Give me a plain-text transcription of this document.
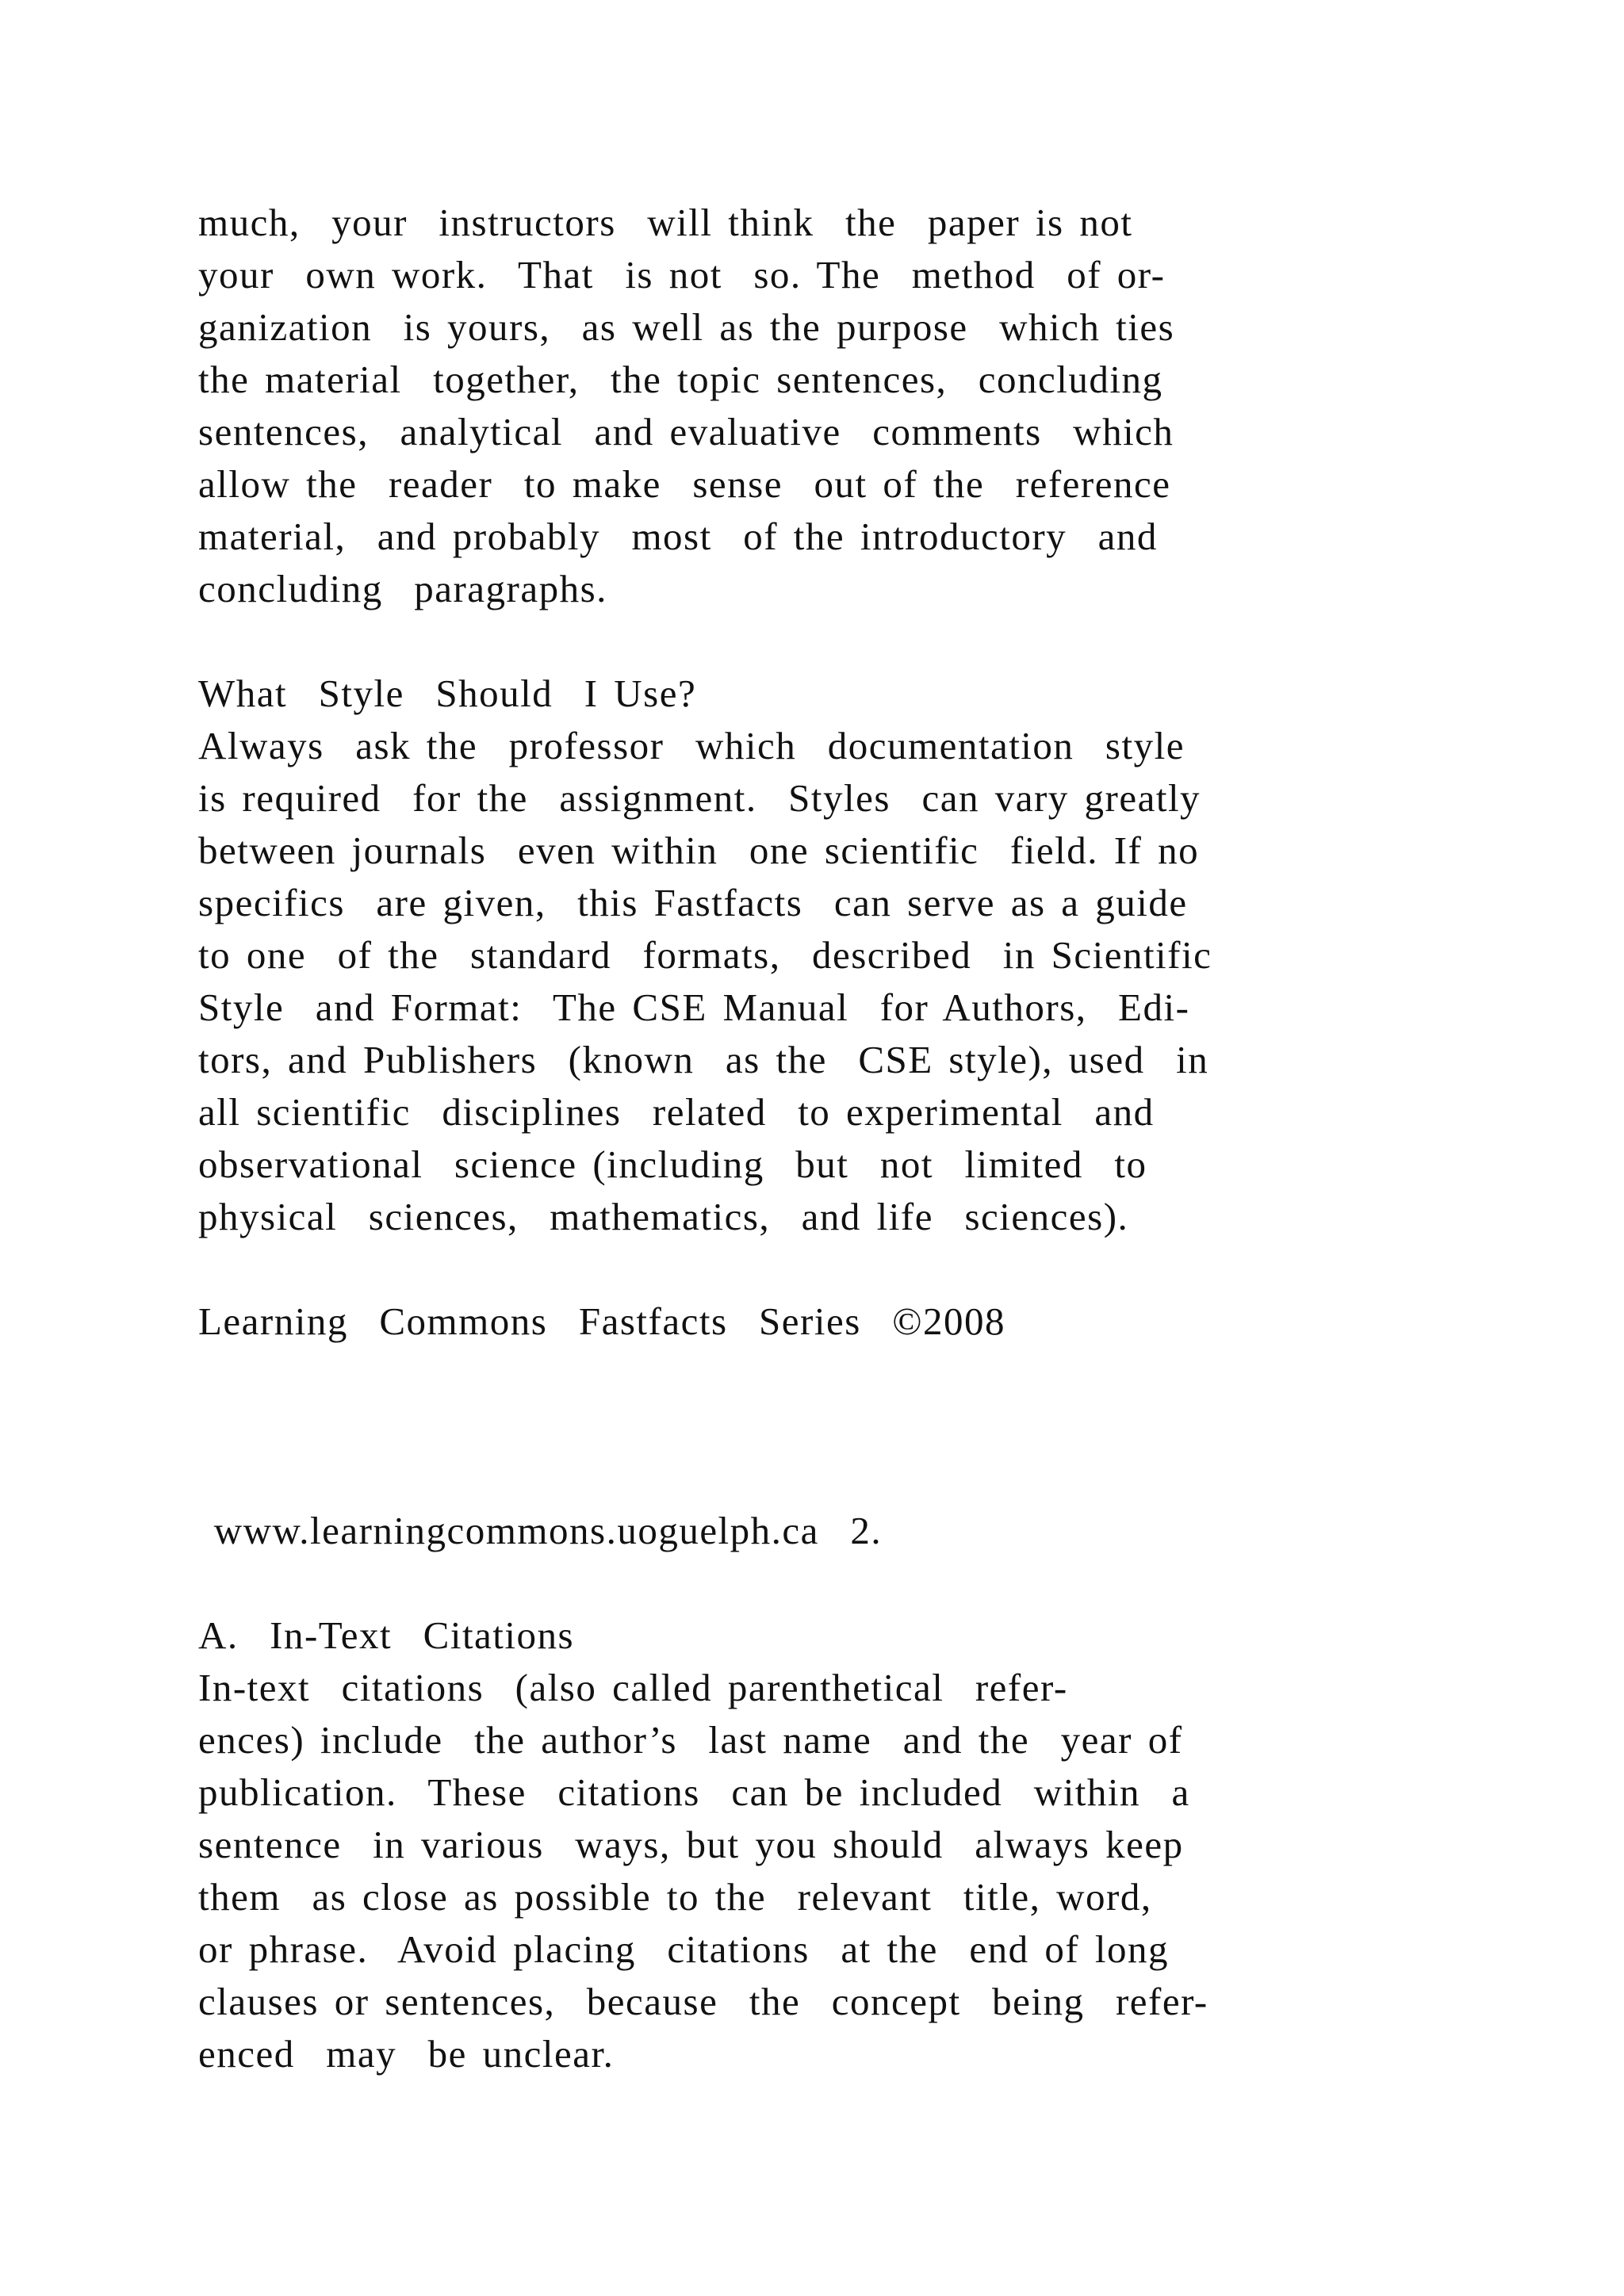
much,  your  instructors  will think  the  paper is not
your  own work.  That  is not  so. The  method  of or-
ganization  is yours,  as well as the purpose  which ties
the material  together,  the topic sentences,  concluding
sentences,  analytical  and evaluative  comments  which
allow the  reader  to make  sense  out of the  reference
material,  and probably  most  of the introductory  and
concluding  paragraphs.
What  Style  Should  I Use?
Always  ask the  professor  which  documentation  style
is required  for the  assignment.  Styles  can vary greatly
between journals  even within  one scientific  field. If no
specifics  are given,  this Fastfacts  can serve as a guide
to one  of the  standard  formats,  described  in Scientific
Style  and Format:  The CSE Manual  for Authors,  Edi-
tors, and Publishers  (known  as the  CSE style), used  in
all scientific  disciplines  related  to experimental  and
observational  science (including  but  not  limited  to
physical  sciences,  mathematics,  and life  sciences).
Learning  Commons  Fastfacts  Series  ©2008
www.learningcommons.uoguelph.ca  2.
A.  In-Text  Citations
In-text  citations  (also called parenthetical  refer-
ences) include  the author’s  last name  and the  year of
publication.  These  citations  can be included  within  a
sentence  in various  ways, but you should  always keep
them  as close as possible to the  relevant  title, word,
or phrase.  Avoid placing  citations  at the  end of long
clauses or sentences,  because  the  concept  being  refer-
enced  may  be unclear.
